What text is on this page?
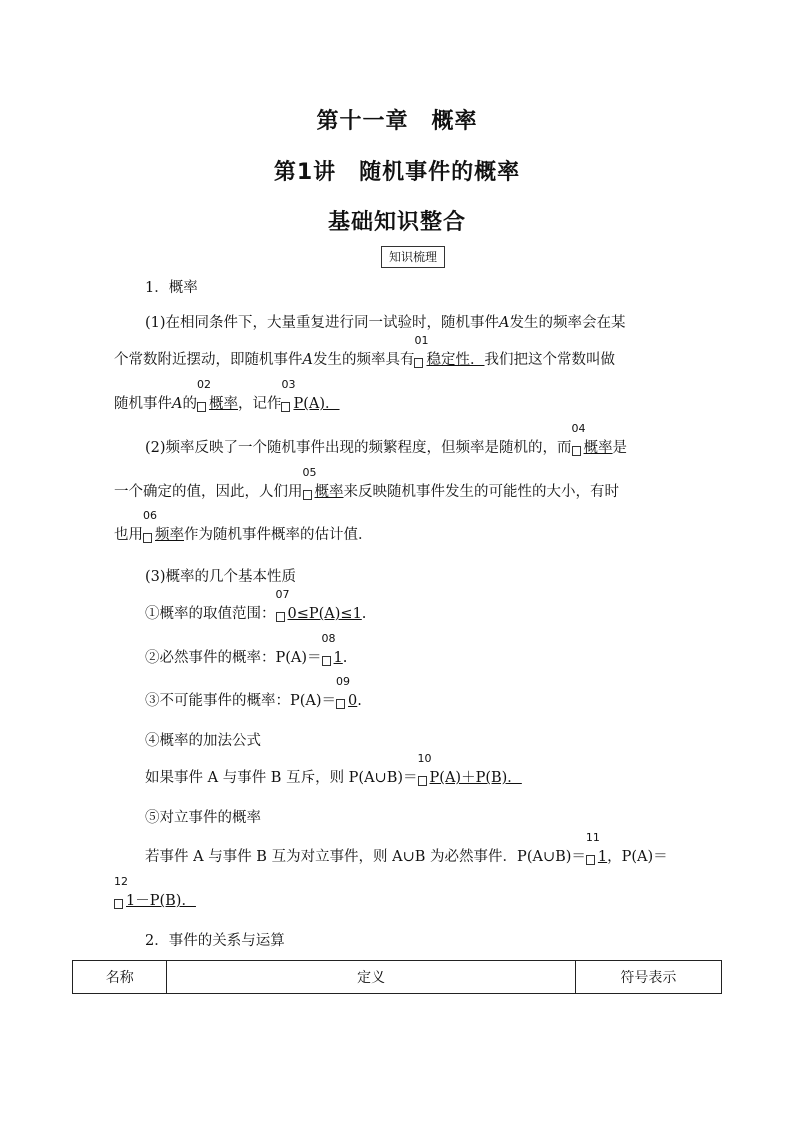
第十一章　概率
第1讲　随机事件的概率
基础知识整合
知识梳理
1．概率
(1)在相同条件下，大量重复进行同一试验时，随机事件A发生的频率会在某
个常数附近摆动，即随机事件A发生的频率具有
01
稳定性．我们把这个常数叫做
随机事件A的
02
概率，记作
03
P(A)．
(2)频率反映了一个随机事件出现的频繁程度，但频率是随机的，而
04
概率是
一个确定的值，因此，人们用
05
概率来反映随机事件发生的可能性的大小，有时
也用
06
频率作为随机事件概率的估计值．
(3)概率的几个基本性质
①概率的取值范围：
07
0≤P(A)≤1.
②必然事件的概率：P(A)＝
08
1.
③不可能事件的概率：P(A)＝
09
0.
④概率的加法公式
如果事件 A 与事件 B 互斥，则 P(A∪B)＝
10
P(A)＋P(B)．
⑤对立事件的概率
若事件 A 与事件 B 互为对立事件，则 A∪B 为必然事件．P(A∪B)＝
11
1，P(A)＝
12
1－P(B)．
2．事件的关系与运算
名称	定义	符号表示
